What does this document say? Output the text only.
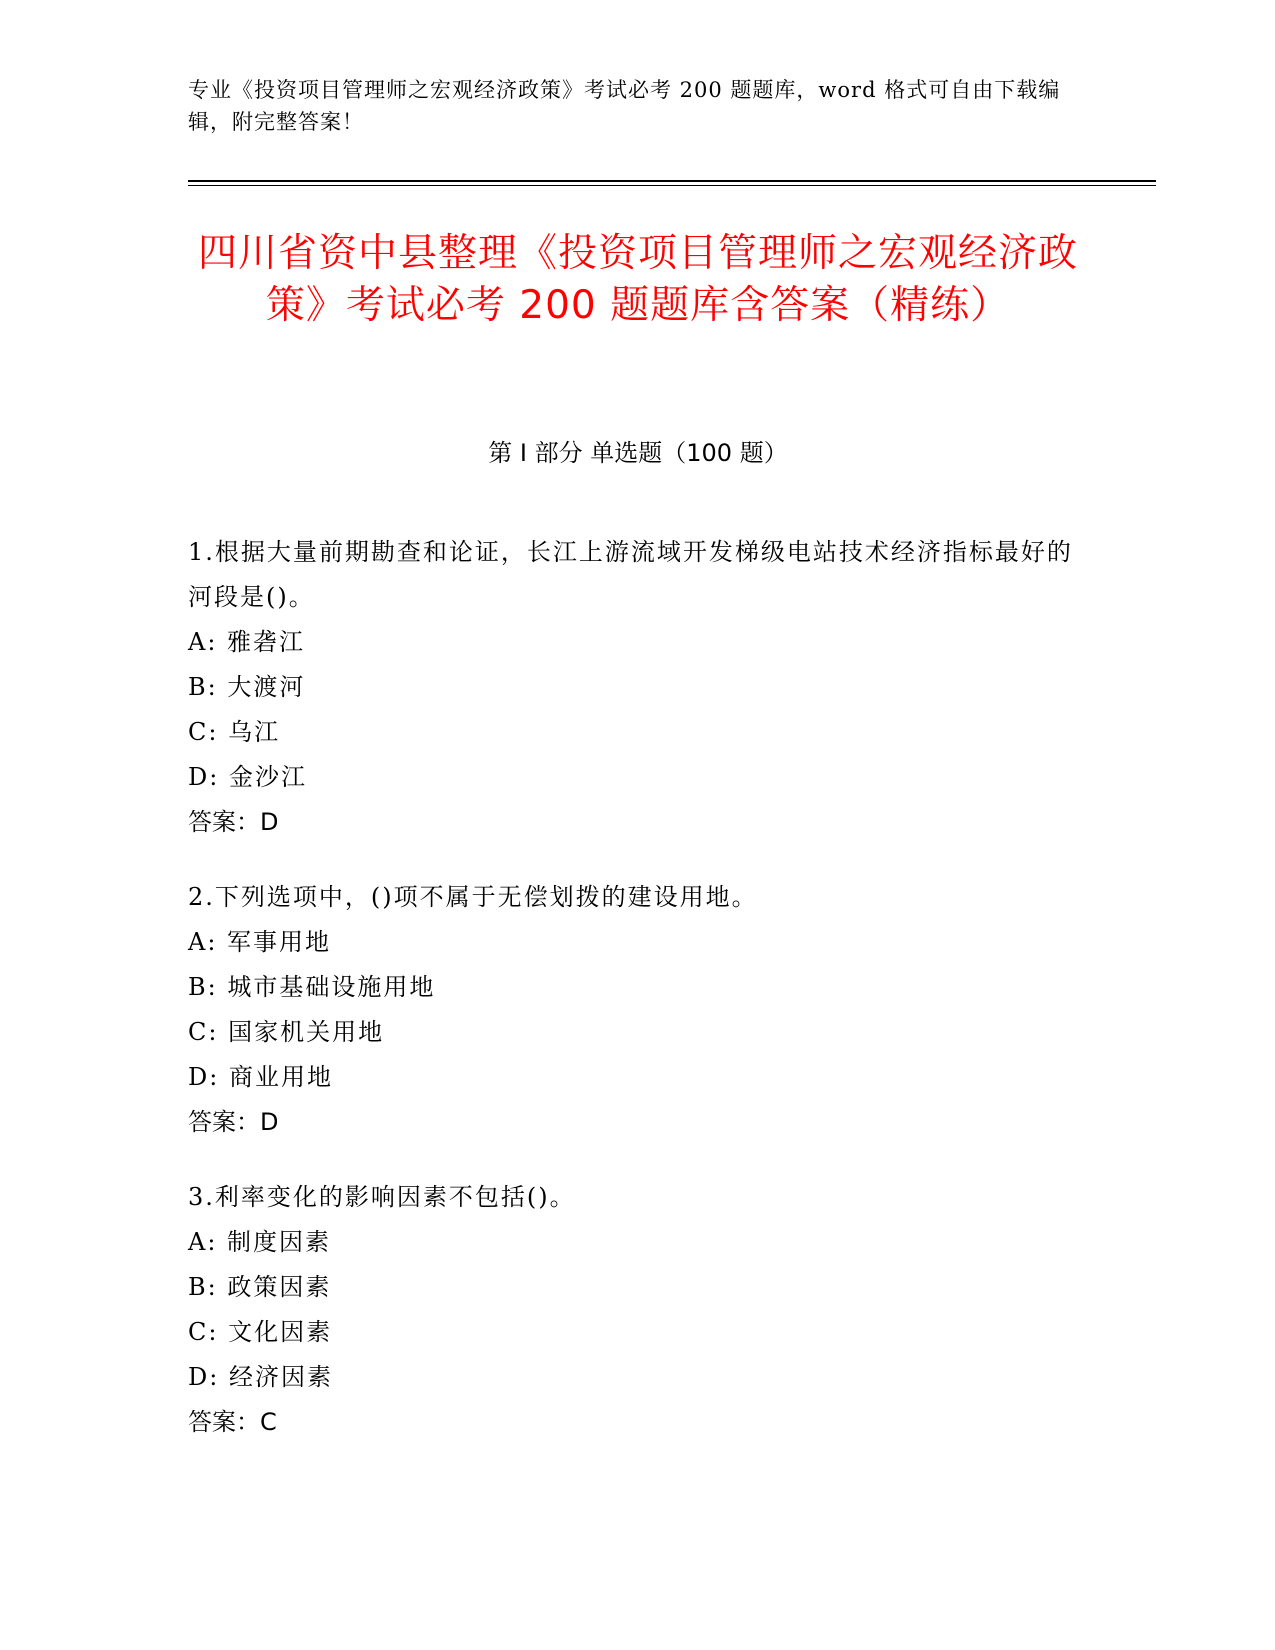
专业《投资项目管理师之宏观经济政策》考试必考 200 题题库，word 格式可自由下载编辑，附完整答案！
四川省资中县整理《投资项目管理师之宏观经济政策》考试必考 200 题题库含答案（精练）
第 I 部分 单选题（100 题）
1.根据大量前期勘查和论证，长江上游流域开发梯级电站技术经济指标最好的河段是()。
A: 雅砻江
B: 大渡河
C: 乌江
D: 金沙江
答案：D
2.下列选项中，()项不属于无偿划拨的建设用地。
A: 军事用地
B: 城市基础设施用地
C: 国家机关用地
D: 商业用地
答案：D
3.利率变化的影响因素不包括()。
A: 制度因素
B: 政策因素
C: 文化因素
D: 经济因素
答案：C
